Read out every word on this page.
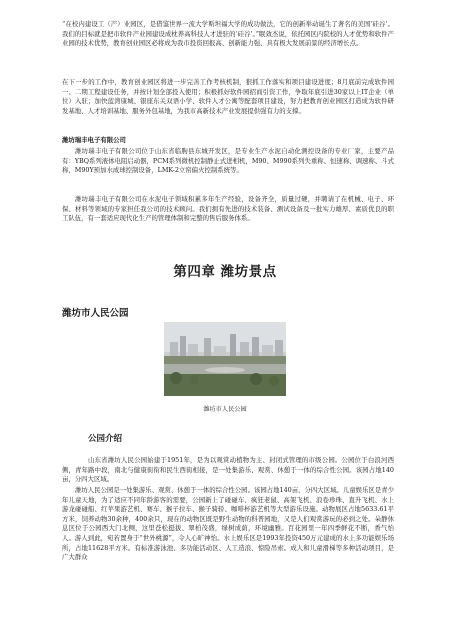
“在校内建设工（产）业园区，是借鉴世界一流大学斯坦福大学的成功做法，它的创新举动诞生了著名的美国‘硅谷’。我们的目标就是把市软件产业园建设成枕养高科技人才进驻的‘硅谷’。”眠效杰说，依托园区内院校的人才优势和软件产业园的技术优势，教育创业园区必将成为我市投资回报高、创新能力强、具有极大发展前景的经济增长点。

在下一步的工作中，教育创业园区将进一步完善工作考核机制，狠抓工作落实和项目建设进度；8月底前完成软件园一、二期工程建设任务，并按计划全部投入使用；积极抓好软件园招商引资工作，争取年底引进30家以上IT企业（单位）入驻；加快蓝湾康城、银座东关双语小学、软件人才公寓等配套项目建设，努力把教育创业园区打造成为软件研发基地、人才培训基地、服务外包基地，为我市高新技术产业发展提供强有力的支撑。

潍坊瑞丰电子有限公司

潍坊瑞丰电子有限公司位于山东省临朐县东城开发区，是专业生产水泥自动化测控设备的专业厂家，主要产品有：YBQ系列液体电阻启动器，PCM系列微机控制静止式进相机，M90、M990系列失重称、恒速称、调速称、斗式称，M90Y预加水成球控制设备，LMK-2立窑偏火控制系统等。

潍坊瑞丰电子有限公司在水泥电子领域积累多年生产经验，设备齐全，质量过硬，并聘请了在机械、电子、环保、材料等领域的专家担任我公司的技术顾问。我们拥有先进的技术装备、测试设备及一批实力雄厚、素质优良的职工队伍，有一套适应现代化生产的管理体制和完整的售后服务体系。

第四章 潍坊景点
潍坊市人民公园

潍坊市人民公园

公园介绍

山东省潍坊人民公园始建于1951年，是为以观赏动植物为主、封闭式管理的市级公园。公园位于白浪河西侧，青年路中段，南北与健康街衔和民生西街相接，是一处集游乐、观赏、休憩于一体的综合性公园。该园占地140亩，分四大区域。

潍坊人民公园是一处集游乐、观赏、休憩于一体的综合性公园。该园占地140亩，分四大区域。儿童娱乐区是青少年儿童天地，为了适应不同年龄游客的需要，公园新上了碰碰车、疯狂老鼠、高架飞机、浪卷珍珠、直升飞机、水上游龙碰碰船、红苹果游艺机、赛车、猴子拉车、猴子骑轿、咖啡杯游艺机等大型游乐设施。动物展区占地5633.61平方米，饲养动物30余种，400余只，现在的动物区既是野生动物的科普园地，又是人们观赏游玩的必到之处。朵静休息区位于公园西大门北侧，这里苍松挺拔、翠柏茂盛，绿树成荫，环境幽雅。百花园里一年四季鲜花不断，香气怡人。游人到此，宛若置身于“世外桃源”，令人心旷神怡。水上娱乐区是1993年投资450万元建成的水上多功能娱乐场所，占地11628平方米。有标准游泳池、多功能活动区、人工造浪、惊险吊索。成人和儿童滑梯等多种活动项目，是广大群众
